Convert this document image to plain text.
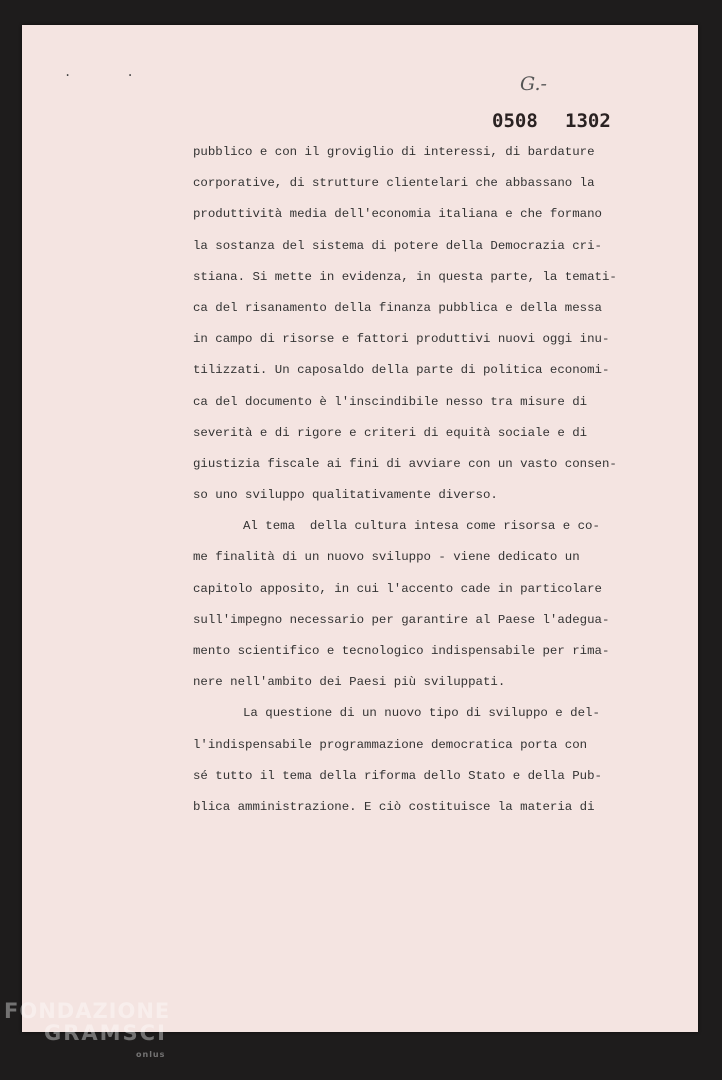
. .
G.-
0508 1302
pubblico e con il groviglio di interessi, di bardature
corporative, di strutture clientelari che abbassano la
produttività media dell'economia italiana e che formano
la sostanza del sistema di potere della Democrazia cri-
stiana. Si mette in evidenza, in questa parte, la temati-
ca del risanamento della finanza pubblica e della messa
in campo di risorse e fattori produttivi nuovi oggi inu-
tilizzati. Un caposaldo della parte di politica economi-
ca del documento è l'inscindibile nesso tra misure di
severità e di rigore e criteri di equità sociale e di
giustizia fiscale ai fini di avviare con un vasto consen-
so uno sviluppo qualitativamente diverso.
Al tema  della cultura intesa come risorsa e co-
me finalità di un nuovo sviluppo - viene dedicato un
capitolo apposito, in cui l'accento cade in particolare
sull'impegno necessario per garantire al Paese l'adegua-
mento scientifico e tecnologico indispensabile per rima-
nere nell'ambito dei Paesi più sviluppati.
La questione di un nuovo tipo di sviluppo e del-
l'indispensabile programmazione democratica porta con
sé tutto il tema della riforma dello Stato e della Pub-
blica amministrazione. E ciò costituisce la materia di
FONDAZIONE
GRAMSCI
onlus
